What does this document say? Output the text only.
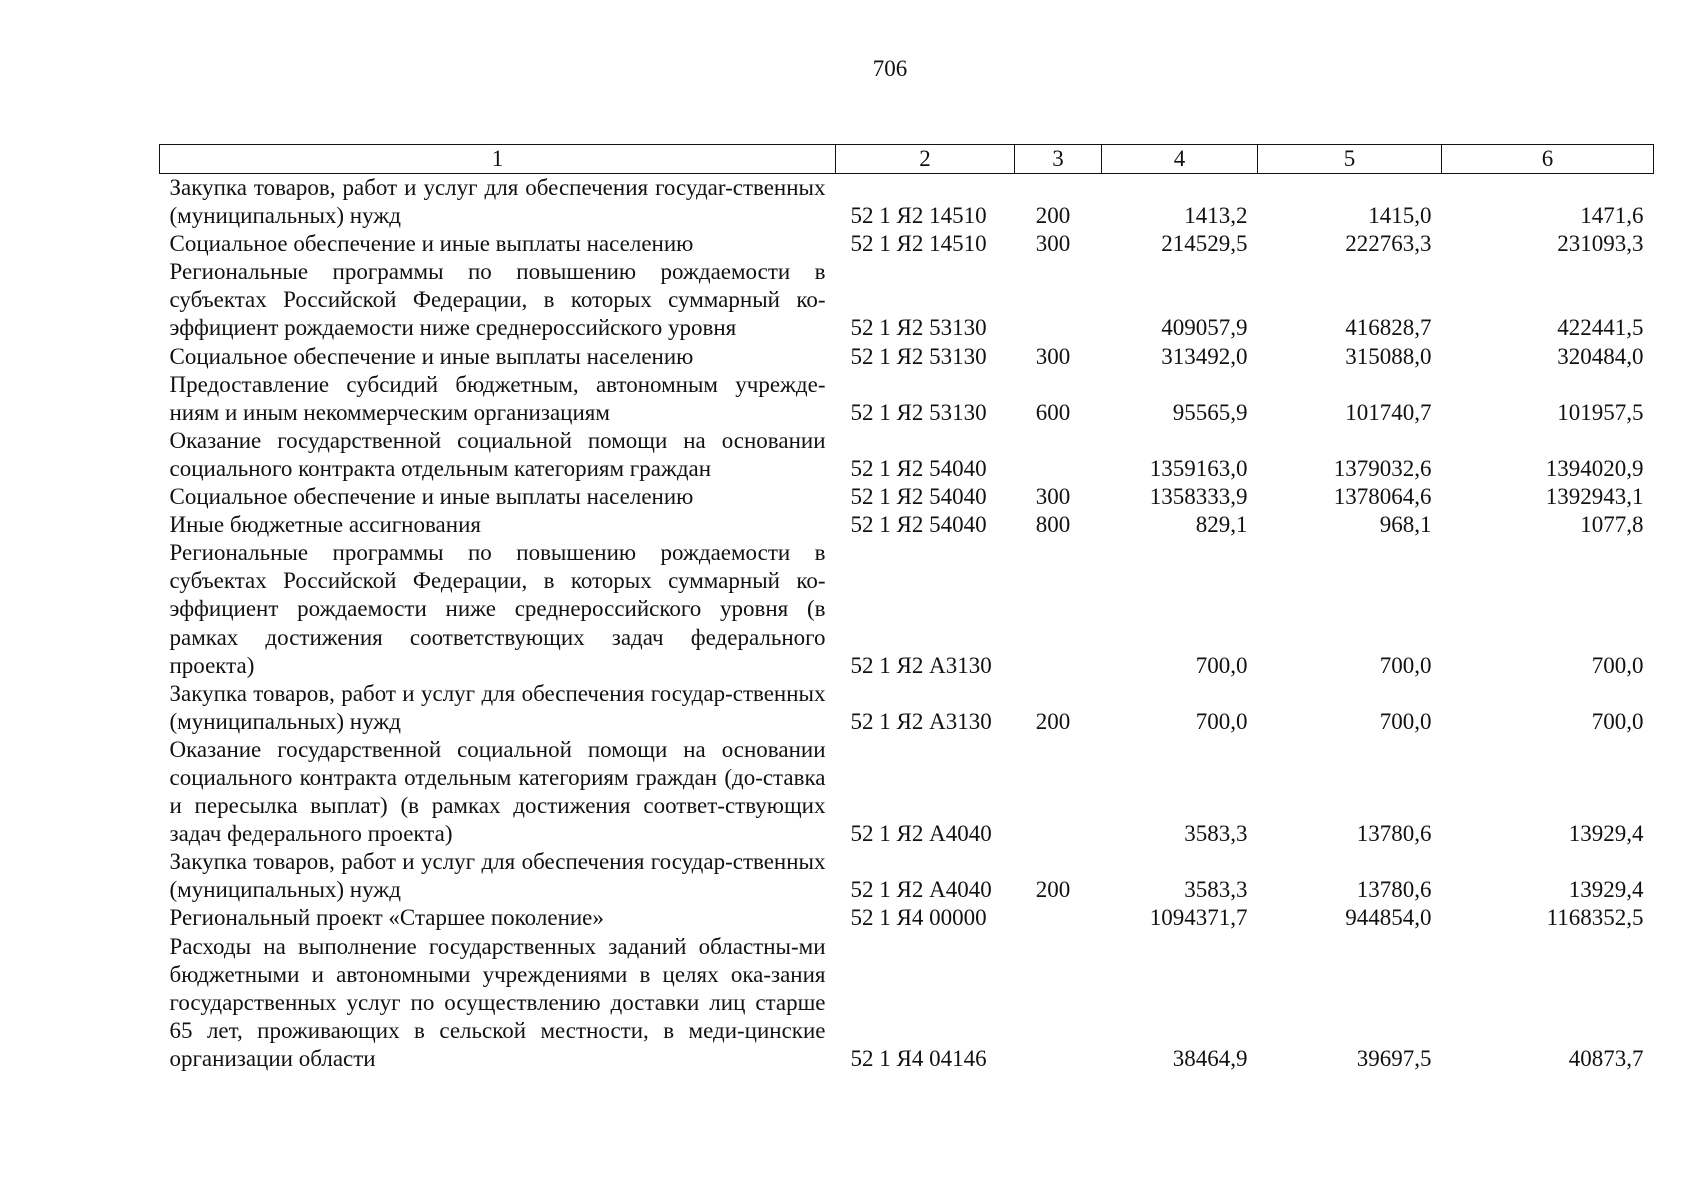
706
1	2	3	4	5	6
Закупка товаров, работ и услуг для обеспечения госудаr-ственных (муниципальных) нужд	52 1 Я2 14510	200	1413,2	1415,0	1471,6
Социальное обеспечение и иные выплаты населению	52 1 Я2 14510	300	214529,5	222763,3	231093,3
Региональные программы по повышению рождаемости в субъектах Российской Федерации, в которых суммарный ко-эффициент рождаемости ниже среднероссийского уровня	52 1 Я2 53130		409057,9	416828,7	422441,5
Социальное обеспечение и иные выплаты населению	52 1 Я2 53130	300	313492,0	315088,0	320484,0
Предоставление субсидий бюджетным, автономным учрежде-ниям и иным некоммерческим организациям	52 1 Я2 53130	600	95565,9	101740,7	101957,5
Оказание государственной социальной помощи на основании социального контракта отдельным категориям граждан	52 1 Я2 54040		1359163,0	1379032,6	1394020,9
Социальное обеспечение и иные выплаты населению	52 1 Я2 54040	300	1358333,9	1378064,6	1392943,1
Иные бюджетные ассигнования	52 1 Я2 54040	800	829,1	968,1	1077,8
Региональные программы по повышению рождаемости в субъектах Российской Федерации, в которых суммарный ко-эффициент рождаемости ниже среднероссийского уровня (в рамках достижения соответствующих задач федерального проекта)	52 1 Я2 А3130		700,0	700,0	700,0
Закупка товаров, работ и услуг для обеспечения государ-ственных (муниципальных) нужд	52 1 Я2 А3130	200	700,0	700,0	700,0
Оказание государственной социальной помощи на основании социального контракта отдельным категориям граждан (до-ставка и пересылка выплат) (в рамках достижения соответ-ствующих задач федерального проекта)	52 1 Я2 А4040		3583,3	13780,6	13929,4
Закупка товаров, работ и услуг для обеспечения государ-ственных (муниципальных) нужд	52 1 Я2 А4040	200	3583,3	13780,6	13929,4
Региональный проект «Старшее поколение»	52 1 Я4 00000		1094371,7	944854,0	1168352,5
Расходы на выполнение государственных заданий областны-ми бюджетными и автономными учреждениями в целях ока-зания государственных услуг по осуществлению доставки лиц старше 65 лет, проживающих в сельской местности, в меди-цинские организации области	52 1 Я4 04146		38464,9	39697,5	40873,7
